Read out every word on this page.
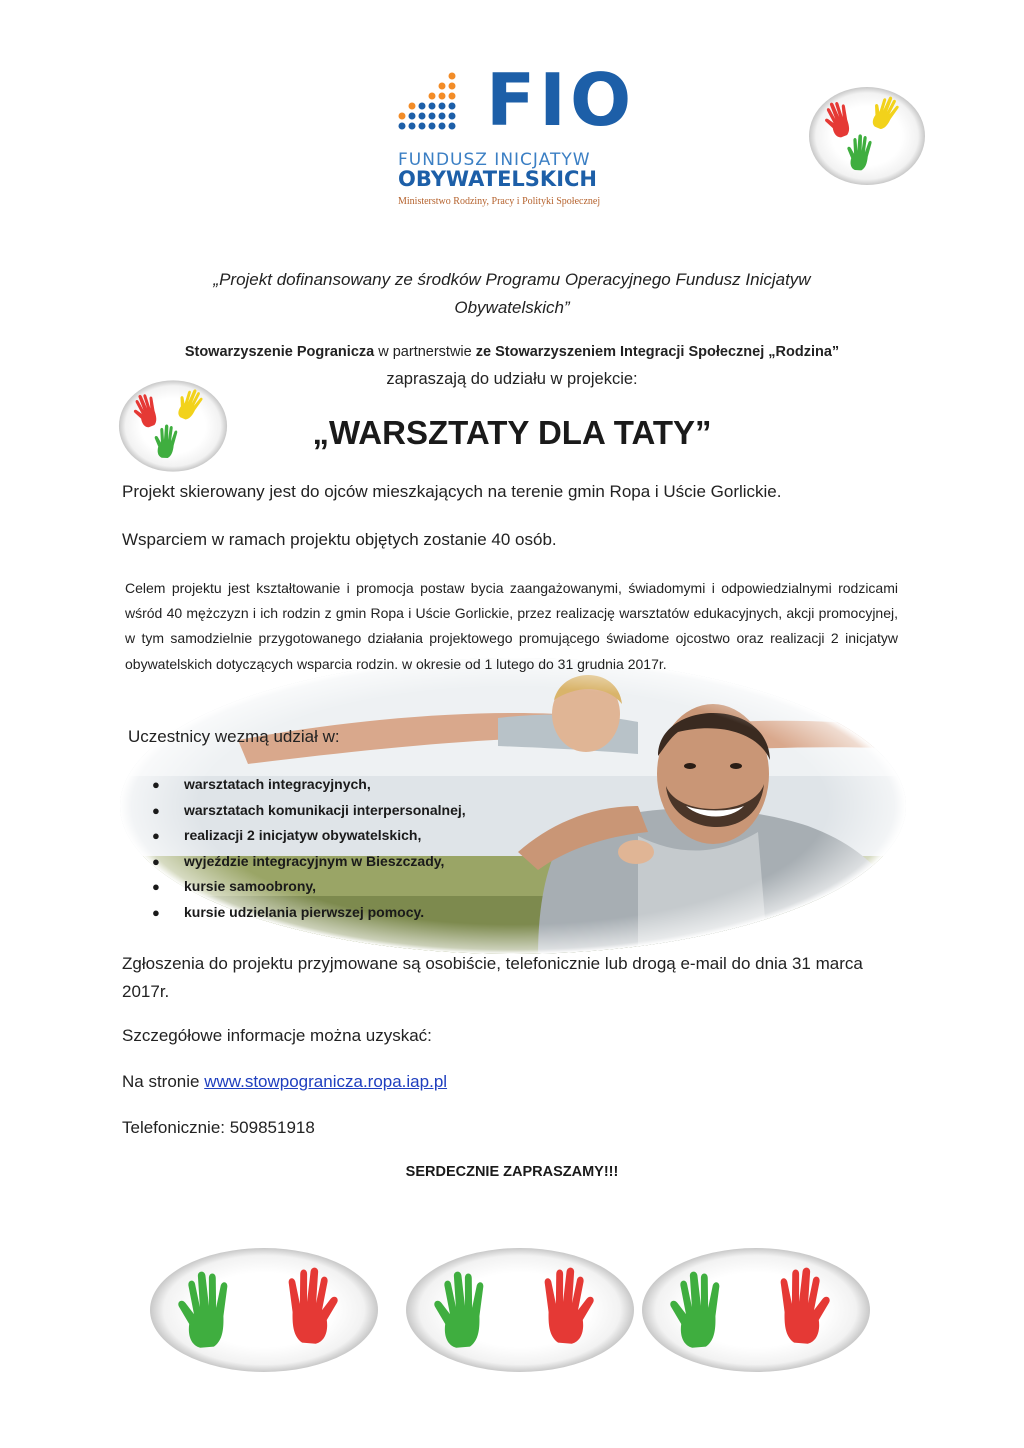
FIO
FUNDUSZ INICJATYW
OBYWATELSKICH
Ministerstwo Rodziny, Pracy i Polityki Społecznej
„Projekt dofinansowany ze środków Programu Operacyjnego Fundusz Inicjatyw
Obywatelskich”
Stowarzyszenie Pogranicza w partnerstwie ze Stowarzyszeniem Integracji Społecznej „Rodzina”
zapraszają do udziału w projekcie:
„WARSZTATY DLA TATY”
Projekt skierowany jest do ojców mieszkających na terenie gmin Ropa i Uście Gorlickie.
Wsparciem w ramach projektu objętych zostanie 40 osób.
Celem projektu jest kształtowanie i promocja postaw bycia zaangażowanymi, świadomymi i odpowiedzialnymi rodzicami wśród 40 mężczyzn i ich rodzin z gmin Ropa i Uście Gorlickie, przez realizację warsztatów edukacyjnych, akcji promocyjnej, w tym samodzielnie przygotowanego działania projektowego promującego świadome ojcostwo oraz realizacji 2 inicjatyw obywatelskich dotyczących wsparcia rodzin. w okresie od 1 lutego do 31 grudnia 2017r.
Uczestnicy wezmą udział w:
● warsztatach integracyjnych,
● warsztatach komunikacji interpersonalnej,
● realizacji 2 inicjatyw obywatelskich,
● wyjeździe integracyjnym w Bieszczady,
● kursie samoobrony,
● kursie udzielania pierwszej pomocy.
Zgłoszenia do projektu przyjmowane są osobiście, telefonicznie lub drogą e-mail do dnia 31 marca 2017r.
Szczegółowe informacje można uzyskać:
Na stronie www.stowpogranicza.ropa.iap.pl
Telefonicznie: 509851918
SERDECZNIE ZAPRASZAMY!!!
